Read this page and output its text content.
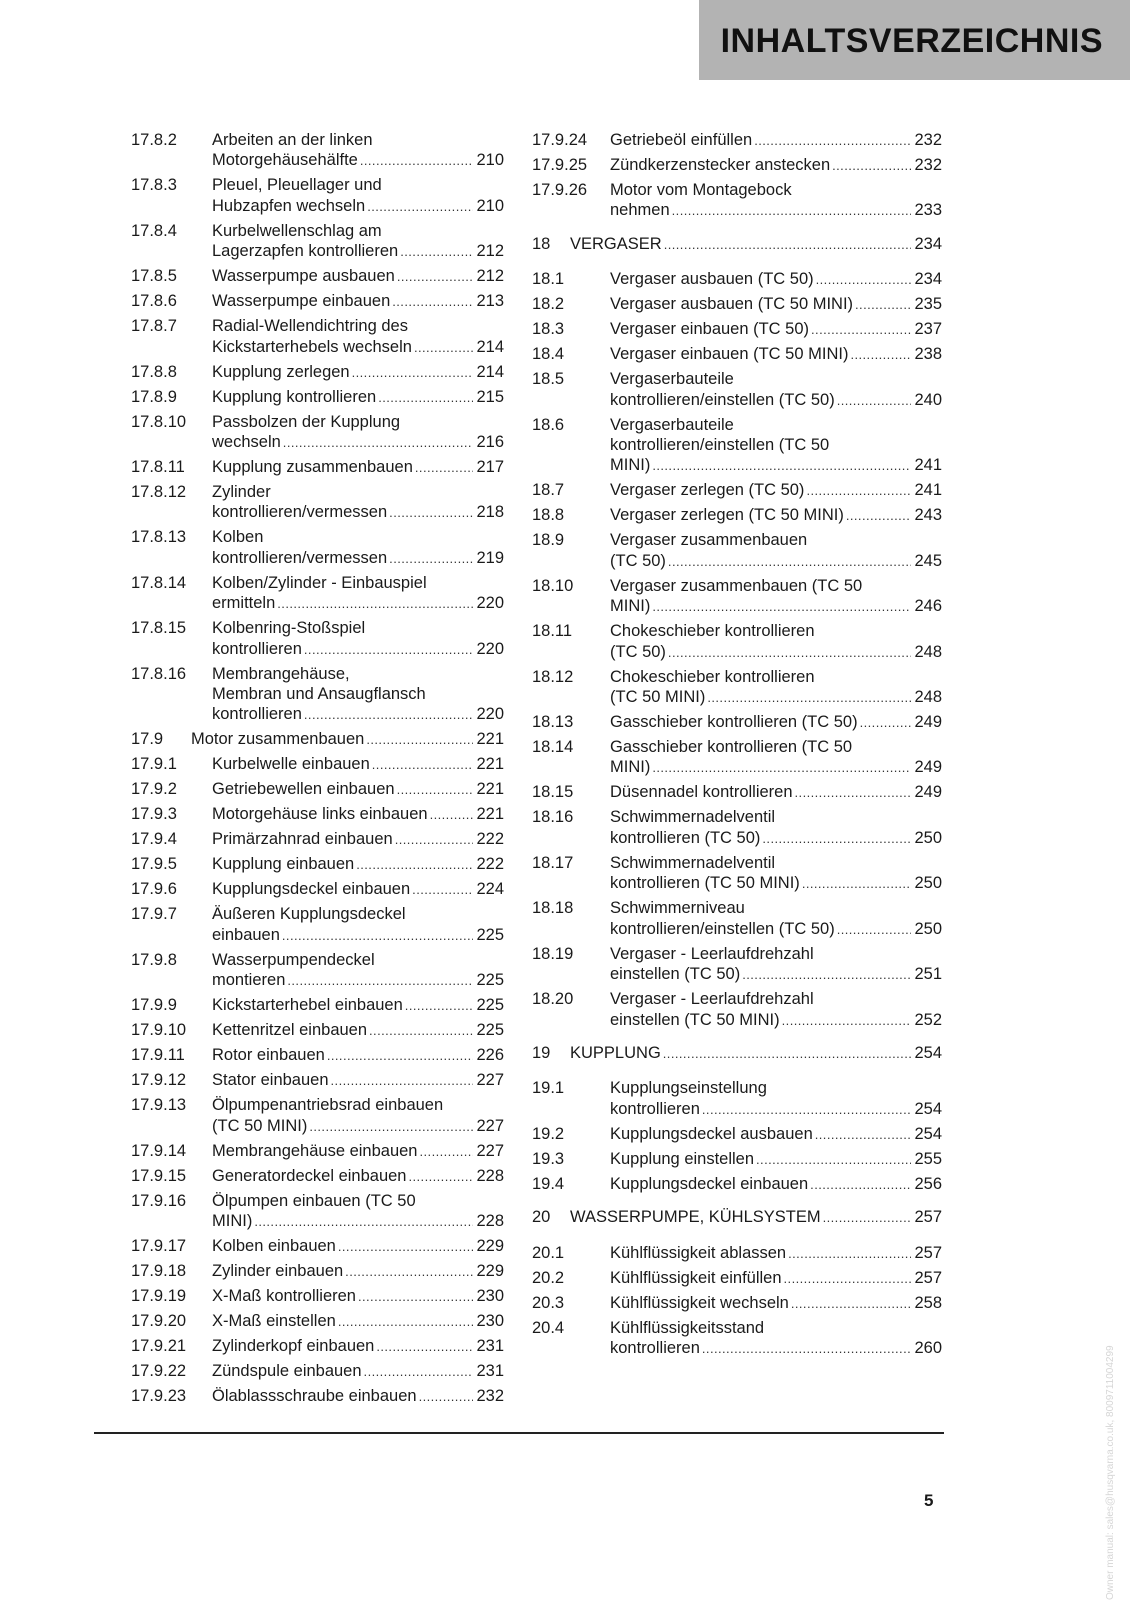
INHALTSVERZEICHNIS
17.8.2	Arbeiten an der linken
Motorgehäusehälfte . . .	210
17.8.3	Pleuel, Pleuellager und
Hubzapfen wechseln . . .	210
17.8.4	Kurbelwellenschlag am
Lagerzapfen kontrollieren . . .	212
17.8.5	Wasserpumpe ausbauen . . .	212
17.8.6	Wasserpumpe einbauen . . .	213
17.8.7	Radial-Wellendichtring des
Kickstarterhebels wechseln . . .	214
17.8.8	Kupplung zerlegen . . .	214
17.8.9	Kupplung kontrollieren . . .	215
17.8.10	Passbolzen der Kupplung
wechseln . . .	216
17.8.11	Kupplung zusammenbauen . . .	217
17.8.12	Zylinder
kontrollieren/vermessen . . .	218
17.8.13	Kolben
kontrollieren/vermessen . . .	219
17.8.14	Kolben/Zylinder - Einbauspiel
ermitteln . . .	220
17.8.15	Kolbenring-Stoßspiel
kontrollieren . . .	220
17.8.16	Membrangehäuse,
Membran und Ansaugflansch
kontrollieren . . .	220
17.9	Motor zusammenbauen . . .	221
17.9.1	Kurbelwelle einbauen . . .	221
17.9.2	Getriebewellen einbauen . . .	221
17.9.3	Motorgehäuse links einbauen . . .	221
17.9.4	Primärzahnrad einbauen . . .	222
17.9.5	Kupplung einbauen . . .	222
17.9.6	Kupplungsdeckel einbauen . . .	224
17.9.7	Äußeren Kupplungsdeckel
einbauen . . .	225
17.9.8	Wasserpumpendeckel
montieren . . .	225
17.9.9	Kickstarterhebel einbauen . . .	225
17.9.10	Kettenritzel einbauen . . .	225
17.9.11	Rotor einbauen . . .	226
17.9.12	Stator einbauen . . .	227
17.9.13	Ölpumpenantriebsrad einbauen
(TC 50 MINI) . . .	227
17.9.14	Membrangehäuse einbauen . . .	227
17.9.15	Generatordeckel einbauen . . .	228
17.9.16	Ölpumpen einbauen (TC 50
MINI) . . .	228
17.9.17	Kolben einbauen . . .	229
17.9.18	Zylinder einbauen . . .	229
17.9.19	X-Maß kontrollieren . . .	230
17.9.20	X-Maß einstellen . . .	230
17.9.21	Zylinderkopf einbauen . . .	231
17.9.22	Zündspule einbauen . . .	231
17.9.23	Ölablassschraube einbauen . . .	232
17.9.24	Getriebeöl einfüllen . . .	232
17.9.25	Zündkerzenstecker anstecken . . .	232
17.9.26	Motor vom Montagebock
nehmen . . .	233
18	VERGASER . . .	234
18.1	Vergaser ausbauen (TC 50) . . .	234
18.2	Vergaser ausbauen (TC 50 MINI) . . .	235
18.3	Vergaser einbauen (TC 50) . . .	237
18.4	Vergaser einbauen (TC 50 MINI) . . .	238
18.5	Vergaserbauteile
kontrollieren/einstellen (TC 50) . . .	240
18.6	Vergaserbauteile
kontrollieren/einstellen (TC 50
MINI) . . .	241
18.7	Vergaser zerlegen (TC 50) . . .	241
18.8	Vergaser zerlegen (TC 50 MINI) . . .	243
18.9	Vergaser zusammenbauen
(TC 50) . . .	245
18.10	Vergaser zusammenbauen (TC 50
MINI) . . .	246
18.11	Chokeschieber kontrollieren
(TC 50) . . .	248
18.12	Chokeschieber kontrollieren
(TC 50 MINI) . . .	248
18.13	Gasschieber kontrollieren (TC 50) . . .	249
18.14	Gasschieber kontrollieren (TC 50
MINI) . . .	249
18.15	Düsennadel kontrollieren . . .	249
18.16	Schwimmernadelventil
kontrollieren (TC 50) . . .	250
18.17	Schwimmernadelventil
kontrollieren (TC 50 MINI) . . .	250
18.18	Schwimmerniveau
kontrollieren/einstellen (TC 50) . . .	250
18.19	Vergaser - Leerlaufdrehzahl
einstellen (TC 50) . . .	251
18.20	Vergaser - Leerlaufdrehzahl
einstellen (TC 50 MINI) . . .	252
19	KUPPLUNG . . .	254
19.1	Kupplungseinstellung
kontrollieren . . .	254
19.2	Kupplungsdeckel ausbauen . . .	254
19.3	Kupplung einstellen . . .	255
19.4	Kupplungsdeckel einbauen . . .	256
20	WASSERPUMPE, KÜHLSYSTEM . . .	257
20.1	Kühlflüssigkeit ablassen . . .	257
20.2	Kühlflüssigkeit einfüllen . . .	257
20.3	Kühlflüssigkeit wechseln . . .	258
20.4	Kühlflüssigkeitsstand
kontrollieren . . .	260
5	Owner manual: sales@husqvarna.co.uk, 8009711004299
